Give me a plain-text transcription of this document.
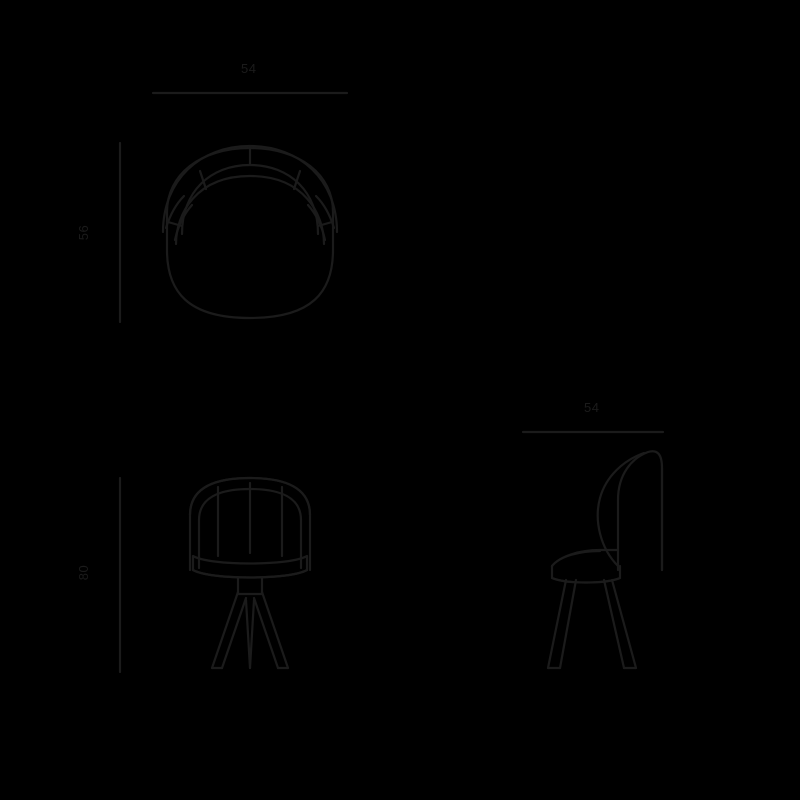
54
56
80
54
